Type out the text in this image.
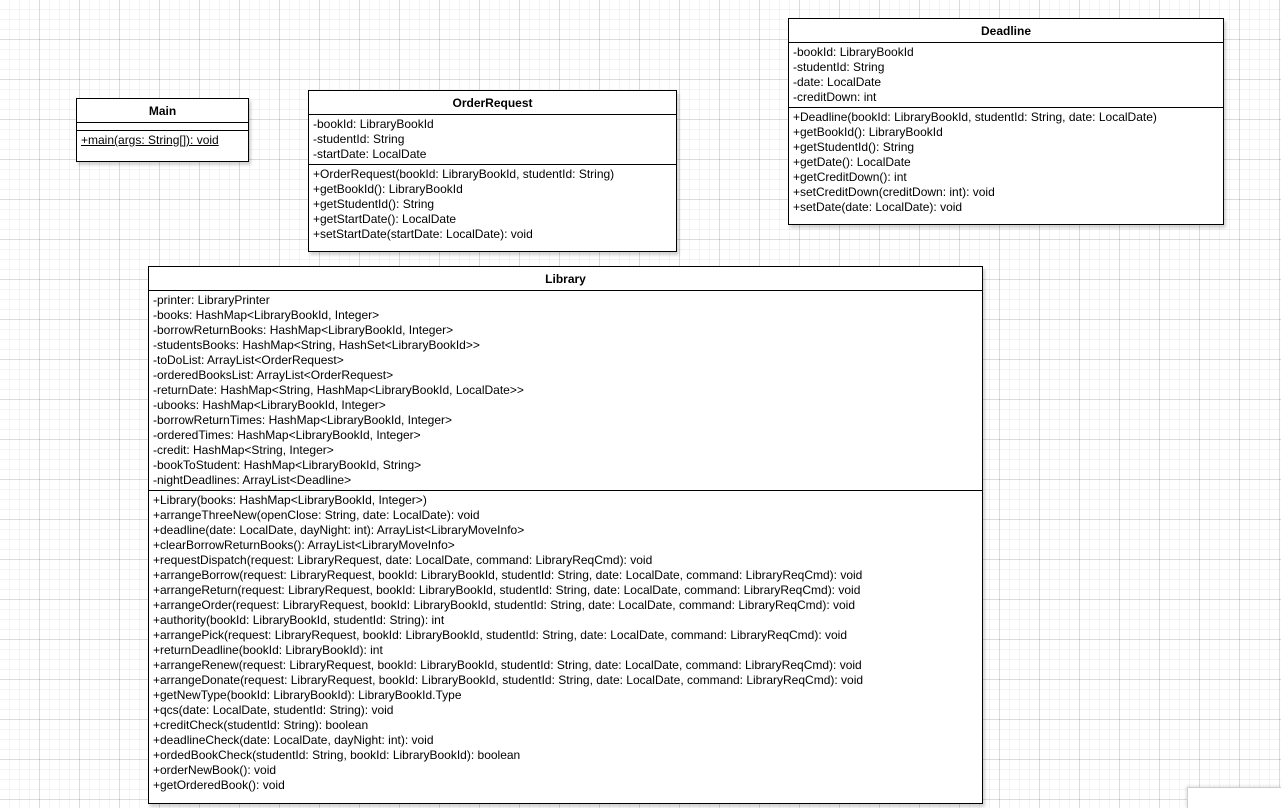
Main
+main(args: String[]): void
OrderRequest
-bookId: LibraryBookId
-studentId: String
-startDate: LocalDate
+OrderRequest(bookId: LibraryBookId, studentId: String)
+getBookId(): LibraryBookId
+getStudentId(): String
+getStartDate(): LocalDate
+setStartDate(startDate: LocalDate): void
Deadline
-bookId: LibraryBookId
-studentId: String
-date: LocalDate
-creditDown: int
+Deadline(bookId: LibraryBookId, studentId: String, date: LocalDate)
+getBookId(): LibraryBookId
+getStudentId(): String
+getDate(): LocalDate
+getCreditDown(): int
+setCreditDown(creditDown: int): void
+setDate(date: LocalDate): void
Library
-printer: LibraryPrinter
-books: HashMap<LibraryBookId, Integer>
-borrowReturnBooks: HashMap<LibraryBookId, Integer>
-studentsBooks: HashMap<String, HashSet<LibraryBookId>>
-toDoList: ArrayList<OrderRequest>
-orderedBooksList: ArrayList<OrderRequest>
-returnDate: HashMap<String, HashMap<LibraryBookId, LocalDate>>
-ubooks: HashMap<LibraryBookId, Integer>
-borrowReturnTimes: HashMap<LibraryBookId, Integer>
-orderedTimes: HashMap<LibraryBookId, Integer>
-credit: HashMap<String, Integer>
-bookToStudent: HashMap<LibraryBookId, String>
-nightDeadlines: ArrayList<Deadline>
+Library(books: HashMap<LibraryBookId, Integer>)
+arrangeThreeNew(openClose: String, date: LocalDate): void
+deadline(date: LocalDate, dayNight: int): ArrayList<LibraryMoveInfo>
+clearBorrowReturnBooks(): ArrayList<LibraryMoveInfo>
+requestDispatch(request: LibraryRequest, date: LocalDate, command: LibraryReqCmd): void
+arrangeBorrow(request: LibraryRequest, bookId: LibraryBookId, studentId: String, date: LocalDate, command: LibraryReqCmd): void
+arrangeReturn(request: LibraryRequest, bookId: LibraryBookId, studentId: String, date: LocalDate, command: LibraryReqCmd): void
+arrangeOrder(request: LibraryRequest, bookId: LibraryBookId, studentId: String, date: LocalDate, command: LibraryReqCmd): void
+authority(bookId: LibraryBookId, studentId: String): int
+arrangePick(request: LibraryRequest, bookId: LibraryBookId, studentId: String, date: LocalDate, command: LibraryReqCmd): void
+returnDeadline(bookId: LibraryBookId): int
+arrangeRenew(request: LibraryRequest, bookId: LibraryBookId, studentId: String, date: LocalDate, command: LibraryReqCmd): void
+arrangeDonate(request: LibraryRequest, bookId: LibraryBookId, studentId: String, date: LocalDate, command: LibraryReqCmd): void
+getNewType(bookId: LibraryBookId): LibraryBookId.Type
+qcs(date: LocalDate, studentId: String): void
+creditCheck(studentId: String): boolean
+deadlineCheck(date: LocalDate, dayNight: int): void
+ordedBookCheck(studentId: String, bookId: LibraryBookId): boolean
+orderNewBook(): void
+getOrderedBook(): void
